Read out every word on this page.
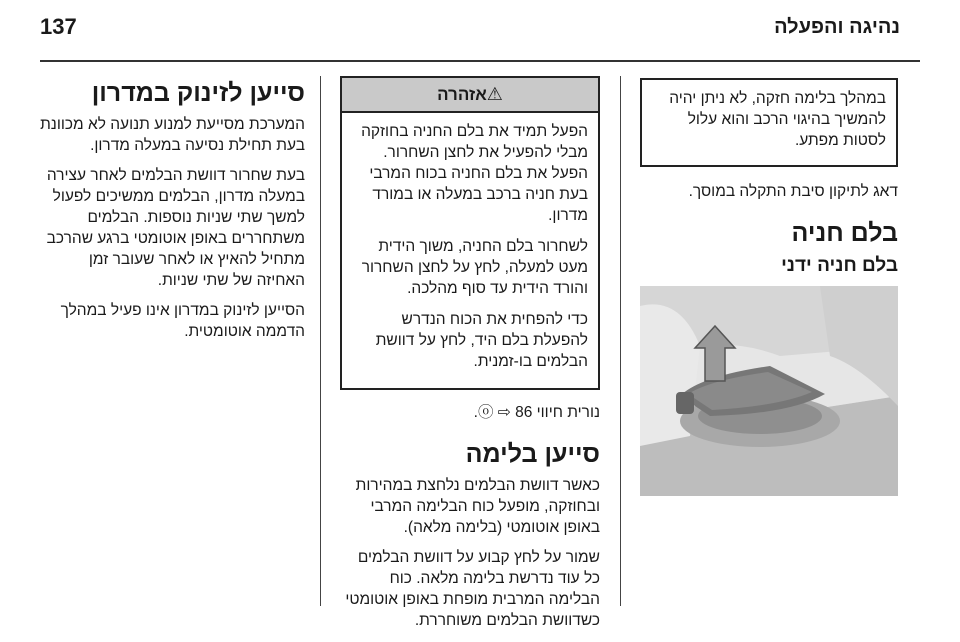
137	נהיגה והפעלה

במהלך בלימה חזקה, לא ניתן יהיה להמשיך בהיגוי הרכב והוא עלול לסטות מפתע.

דאג לתיקון סיבת התקלה במוסך.

בלם חניה
בלם חניה ידני
⚠אזהרה

הפעל תמיד את בלם החניה בחוזקה מבלי להפעיל את לחצן השחרור. הפעל את בלם החניה בכוח המרבי בעת חניה ברכב במעלה או במורד מדרון.

לשחרור בלם החניה, משוך הידית מעט למעלה, לחץ על לחצן השחרור והורד הידית עד סוף מהלכה.

כדי להפחית את הכוח הנדרש להפעלת בלם היד, לחץ על דוושת הבלמים בו-זמנית.

נורית חיווי ⓞ ⇨ 86.

סייען בלימה

כאשר דוושת הבלמים נלחצת במהירות ובחוזקה, מופעל כוח הבלימה המרבי באופן אוטומטי (בלימה מלאה).

שמור על לחץ קבוע על דוושת הבלמים כל עוד נדרשת בלימה מלאה. כוח הבלימה המרבית מופחת באופן אוטומטי כשדוושת הבלמים משוחררת.

סייען לזינוק במדרון

המערכת מסייעת למנוע תנועה לא מכוונת בעת תחילת נסיעה במעלה מדרון.

בעת שחרור דוושת הבלמים לאחר עצירה במעלה מדרון, הבלמים ממשיכים לפעול למשך שתי שניות נוספות. הבלמים משתחררים באופן אוטומטי ברגע שהרכב מתחיל להאיץ או לאחר שעובר זמן האחיזה של שתי שניות.

הסייען לזינוק במדרון אינו פעיל במהלך הדממה אוטומטית.
